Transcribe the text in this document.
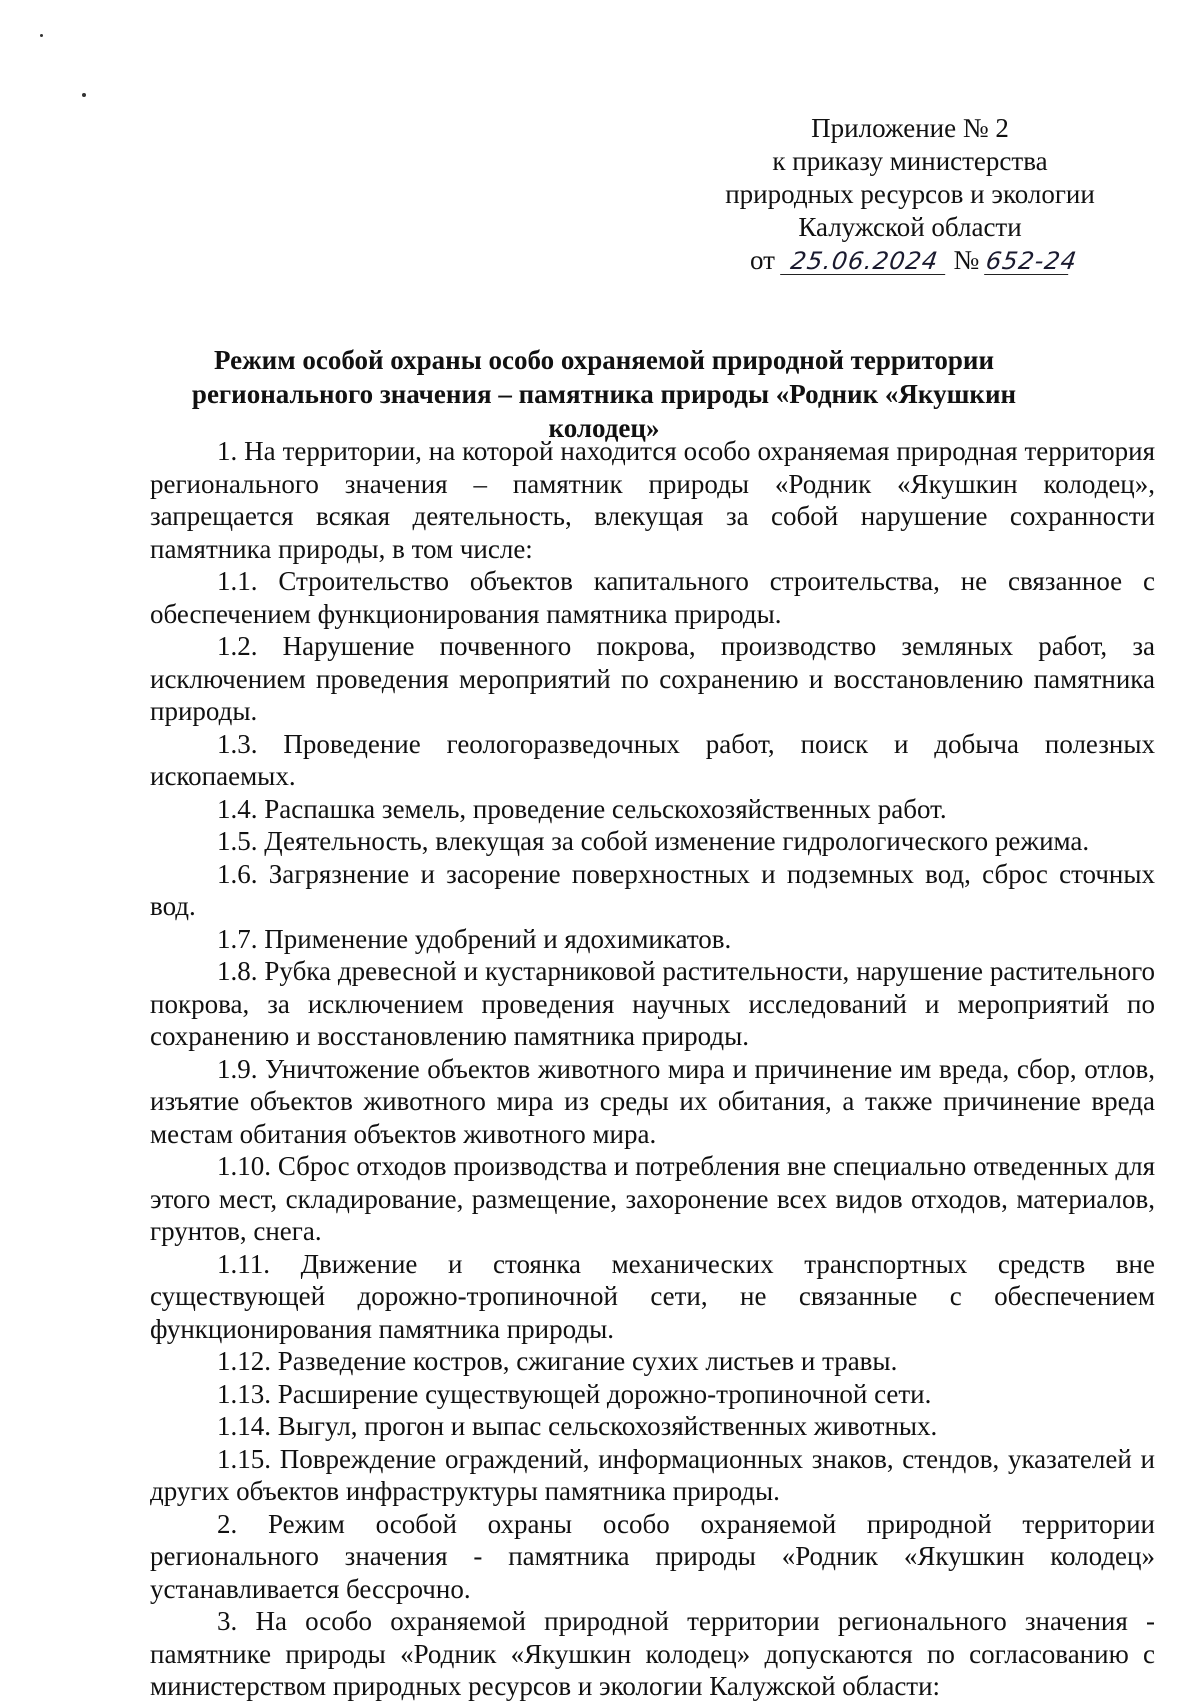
Приложение № 2
к приказу министерства
природных ресурсов и экологии
Калужской области
от 25.06.2024 № 652-24
Режим особой охраны особо охраняемой природной территории
регионального значения – памятника природы «Родник «Якушкин колодец»

1. На территории, на которой находится особо охраняемая природная территория регионального значения – памятник природы «Родник «Якушкин колодец», запрещается всякая деятельность, влекущая за собой нарушение сохранности памятника природы, в том числе:

1.1. Строительство объектов капитального строительства, не связанное с обеспечением функционирования памятника природы.

1.2. Нарушение почвенного покрова, производство земляных работ, за исключением проведения мероприятий по сохранению и восстановлению памятника природы.

1.3. Проведение геологоразведочных работ, поиск и добыча полезных ископаемых.

1.4. Распашка земель, проведение сельскохозяйственных работ.

1.5. Деятельность, влекущая за собой изменение гидрологического режима.

1.6. Загрязнение и засорение поверхностных и подземных вод, сброс сточных вод.

1.7. Применение удобрений и ядохимикатов.

1.8. Рубка древесной и кустарниковой растительности, нарушение растительного покрова, за исключением проведения научных исследований и мероприятий по сохранению и восстановлению памятника природы.

1.9. Уничтожение объектов животного мира и причинение им вреда, сбор, отлов, изъятие объектов животного мира из среды их обитания, а также причинение вреда местам обитания объектов животного мира.

1.10. Сброс отходов производства и потребления вне специально отведенных для этого мест, складирование, размещение, захоронение всех видов отходов, материалов, грунтов, снега.

1.11. Движение и стоянка механических транспортных средств вне существующей дорожно-тропиночной сети, не связанные с обеспечением функционирования памятника природы.

1.12. Разведение костров, сжигание сухих листьев и травы.

1.13. Расширение существующей дорожно-тропиночной сети.

1.14. Выгул, прогон и выпас сельскохозяйственных животных.

1.15. Повреждение ограждений, информационных знаков, стендов, указателей и других объектов инфраструктуры памятника природы.

2. Режим особой охраны особо охраняемой природной территории регионального значения - памятника природы «Родник «Якушкин колодец» устанавливается бессрочно.

3. На особо охраняемой природной территории регионального значения - памятнике природы «Родник «Якушкин колодец» допускаются по согласованию с министерством природных ресурсов и экологии Калужской области:
